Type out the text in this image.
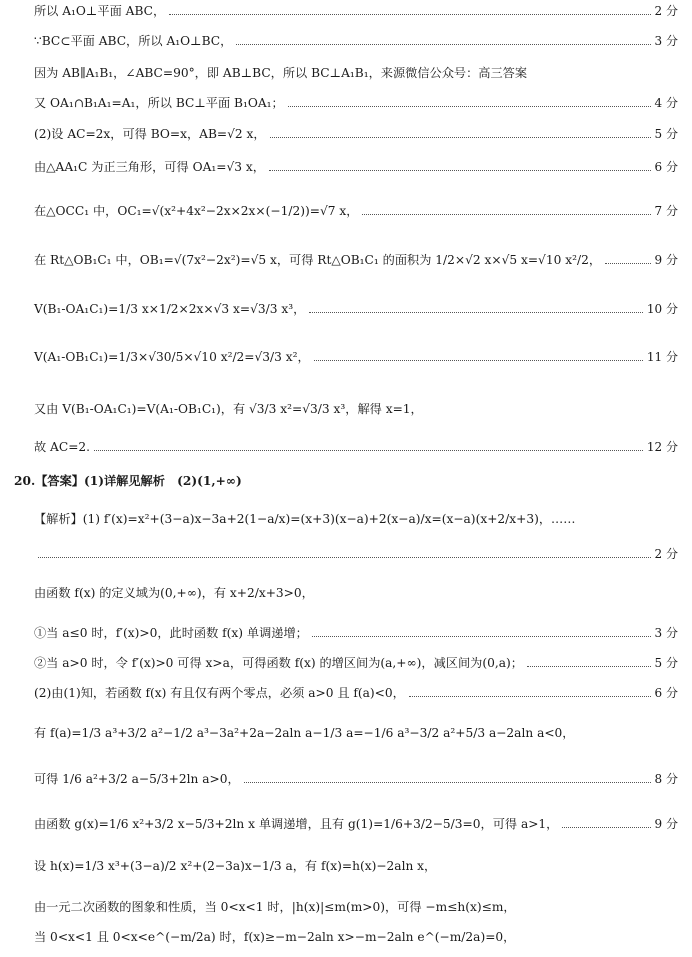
所以 A₁O⊥平面 ABC，	2 分
∵BC⊂平面 ABC，所以 A₁O⊥BC，	3 分
因为 AB∥A₁B₁，∠ABC=90°，即 AB⊥BC，所以 BC⊥A₁B₁，来源微信公众号：高三答案
又 OA₁∩B₁A₁=A₁，所以 BC⊥平面 B₁OA₁；	4 分
(2)设 AC=2x，可得 BO=x，AB=√2 x，	5 分
由△AA₁C 为正三角形，可得 OA₁=√3 x，	6 分
在△OCC₁ 中，OC₁=√(x²+4x²−2x×2x×(−1/2))=√7 x，	7 分
在 Rt△OB₁C₁ 中，OB₁=√(7x²−2x²)=√5 x，可得 Rt△OB₁C₁ 的面积为 1/2×√2 x×√5 x=√10 x²/2，	9 分
V(B₁-OA₁C₁)=1/3 x×1/2×2x×√3 x=√3/3 x³，	10 分
V(A₁-OB₁C₁)=1/3×√30/5×√10 x²/2=√3/3 x²，	11 分
又由 V(B₁-OA₁C₁)=V(A₁-OB₁C₁)，有 √3/3 x²=√3/3 x³，解得 x=1，
故 AC=2.	12 分
20.【答案】(1)详解见解析　(2)(1,+∞)
【解析】(1) f′(x)=x²+(3−a)x−3a+2(1−a/x)=(x+3)(x−a)+2(x−a)/x=(x−a)(x+2/x+3)，……
2 分
由函数 f(x) 的定义域为(0,+∞)，有 x+2/x+3>0，
①当 a≤0 时，f′(x)>0，此时函数 f(x) 单调递增；	3 分
②当 a>0 时，令 f′(x)>0 可得 x>a，可得函数 f(x) 的增区间为(a,+∞)，减区间为(0,a)；	5 分
(2)由(1)知，若函数 f(x) 有且仅有两个零点，必须 a>0 且 f(a)<0，	6 分
有 f(a)=1/3 a³+3/2 a²−1/2 a³−3a²+2a−2aln a−1/3 a=−1/6 a³−3/2 a²+5/3 a−2aln a<0，
可得 1/6 a²+3/2 a−5/3+2ln a>0，	8 分
由函数 g(x)=1/6 x²+3/2 x−5/3+2ln x 单调递增，且有 g(1)=1/6+3/2−5/3=0，可得 a>1，	9 分
设 h(x)=1/3 x³+(3−a)/2 x²+(2−3a)x−1/3 a，有 f(x)=h(x)−2aln x，
由一元二次函数的图象和性质，当 0<x<1 时，|h(x)|≤m(m>0)，可得 −m≤h(x)≤m，
当 0<x<1 且 0<x<e^(−m/2a) 时，f(x)≥−m−2aln x>−m−2aln e^(−m/2a)=0，
